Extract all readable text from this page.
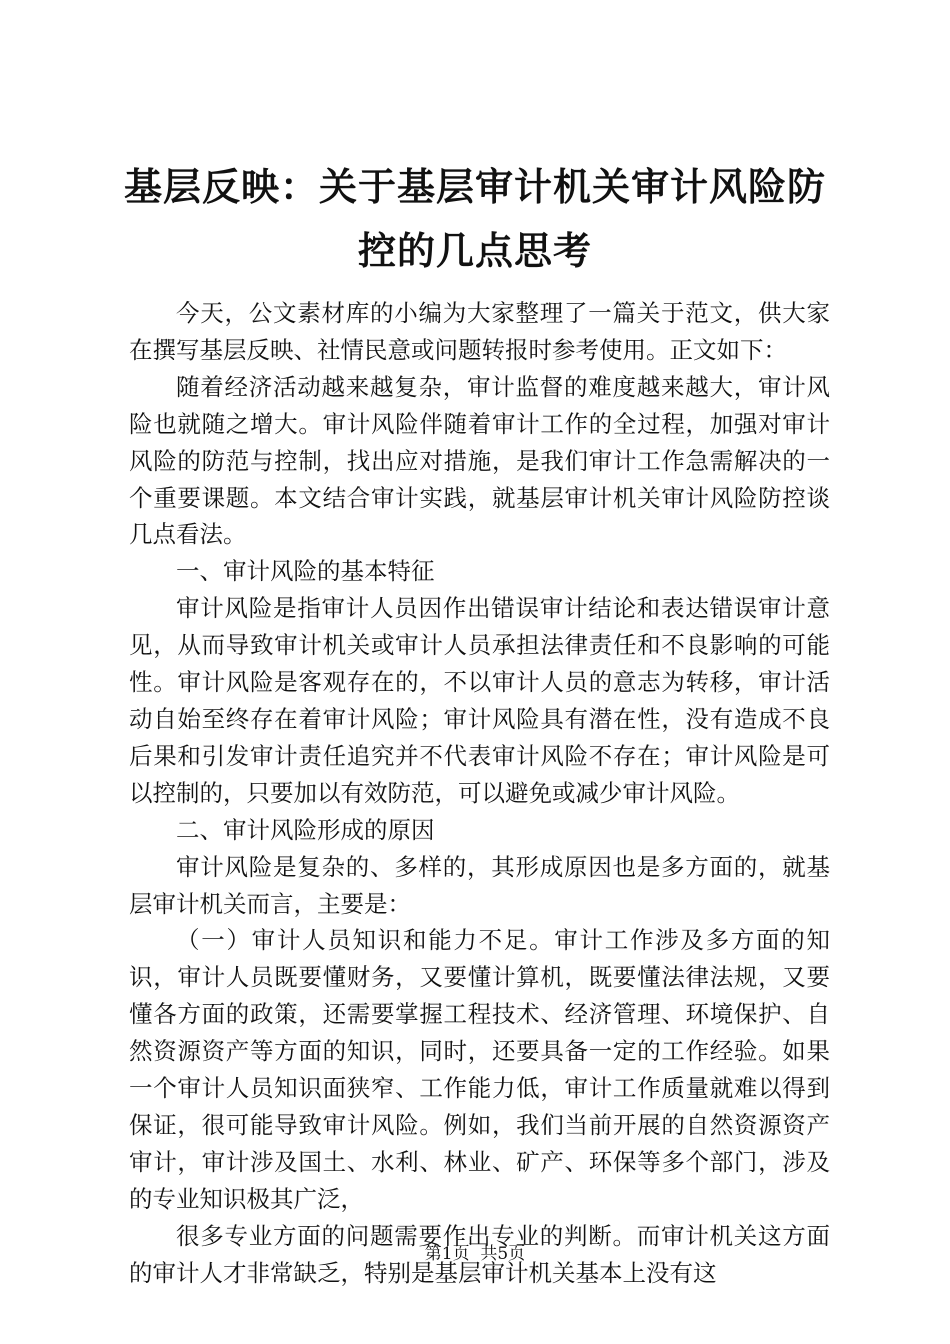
基层反映：关于基层审计机关审计风险防控的几点思考

今天，公文素材库的小编为大家整理了一篇关于范文，供大家在撰写基层反映、社情民意或问题转报时参考使用。正文如下：

随着经济活动越来越复杂，审计监督的难度越来越大，审计风险也就随之增大。审计风险伴随着审计工作的全过程，加强对审计风险的防范与控制，找出应对措施，是我们审计工作急需解决的一个重要课题。本文结合审计实践，就基层审计机关审计风险防控谈几点看法。

一、审计风险的基本特征

审计风险是指审计人员因作出错误审计结论和表达错误审计意见，从而导致审计机关或审计人员承担法律责任和不良影响的可能性。审计风险是客观存在的，不以审计人员的意志为转移，审计活动自始至终存在着审计风险；审计风险具有潜在性，没有造成不良后果和引发审计责任追究并不代表审计风险不存在；审计风险是可以控制的，只要加以有效防范，可以避免或减少审计风险。

二、审计风险形成的原因

审计风险是复杂的、多样的，其形成原因也是多方面的，就基层审计机关而言，主要是：

（一）审计人员知识和能力不足。审计工作涉及多方面的知识，审计人员既要懂财务，又要懂计算机，既要懂法律法规，又要懂各方面的政策，还需要掌握工程技术、经济管理、环境保护、自然资源资产等方面的知识，同时，还要具备一定的工作经验。如果一个审计人员知识面狭窄、工作能力低，审计工作质量就难以得到保证，很可能导致审计风险。例如，我们当前开展的自然资源资产审计，审计涉及国土、水利、林业、矿产、环保等多个部门，涉及的专业知识极其广泛，

很多专业方面的问题需要作出专业的判断。而审计机关这方面的审计人才非常缺乏，特别是基层审计机关基本上没有这

第1页  共5页
